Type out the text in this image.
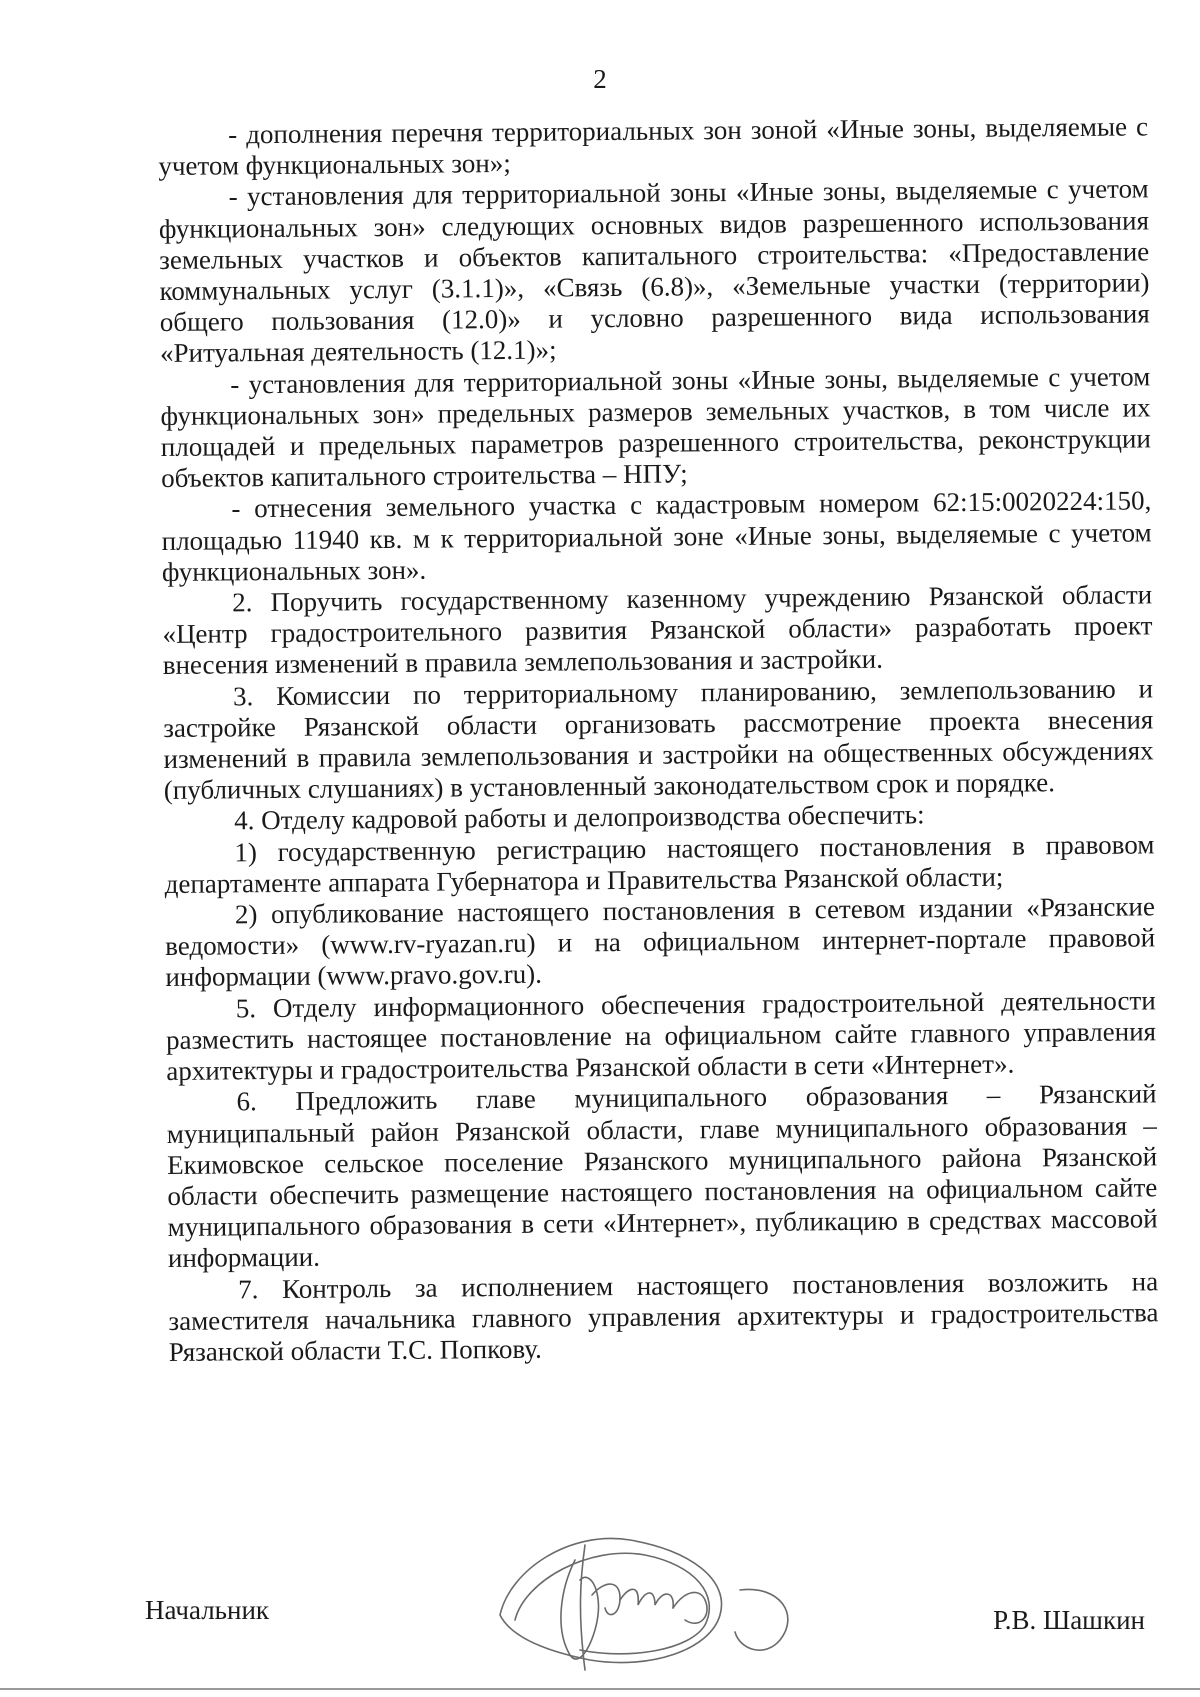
2

- дополнения перечня территориальных зон зоной «Иные зоны, выделяемые с учетом функциональных зон»;

- установления для территориальной зоны «Иные зоны, выделяемые с учетом функциональных зон» следующих основных видов разрешенного использования земельных участков и объектов капитального строительства: «Предоставление коммунальных услуг (3.1.1)», «Связь (6.8)», «Земельные участки (территории) общего пользования (12.0)» и условно разрешенного вида использования «Ритуальная деятельность (12.1)»;

- установления для территориальной зоны «Иные зоны, выделяемые с учетом функциональных зон» предельных размеров земельных участков, в том числе их площадей и предельных параметров разрешенного строительства, реконструкции объектов капитального строительства – НПУ;

- отнесения земельного участка с кадастровым номером 62:15:0020224:150, площадью 11940 кв. м к территориальной зоне «Иные зоны, выделяемые с учетом функциональных зон».

2. Поручить государственному казенному учреждению Рязанской области «Центр градостроительного развития Рязанской области» разработать проект внесения изменений в правила землепользования и застройки.

3. Комиссии по территориальному планированию, землепользованию и застройке Рязанской области организовать рассмотрение проекта внесения изменений в правила землепользования и застройки на общественных обсуждениях (публичных слушаниях) в установленный законодательством срок и порядке.

4. Отделу кадровой работы и делопроизводства обеспечить:

1) государственную регистрацию настоящего постановления в правовом департаменте аппарата Губернатора и Правительства Рязанской области;

2) опубликование настоящего постановления в сетевом издании «Рязанские ведомости» (www.rv-ryazan.ru) и на официальном интернет-портале правовой информации (www.pravo.gov.ru).

5. Отделу информационного обеспечения градостроительной деятельности разместить настоящее постановление на официальном сайте главного управления архитектуры и градостроительства Рязанской области в сети «Интернет».

6. Предложить главе муниципального образования – Рязанский муниципальный район Рязанской области, главе муниципального образования – Екимовское сельское поселение Рязанского муниципального района Рязанской области обеспечить размещение настоящего постановления на официальном сайте муниципального образования в сети «Интернет», публикацию в средствах массовой информации.

7. Контроль за исполнением настоящего постановления возложить на заместителя начальника главного управления архитектуры и градостроительства Рязанской области Т.С. Попкову.

Начальник	Р.В. Шашкин
